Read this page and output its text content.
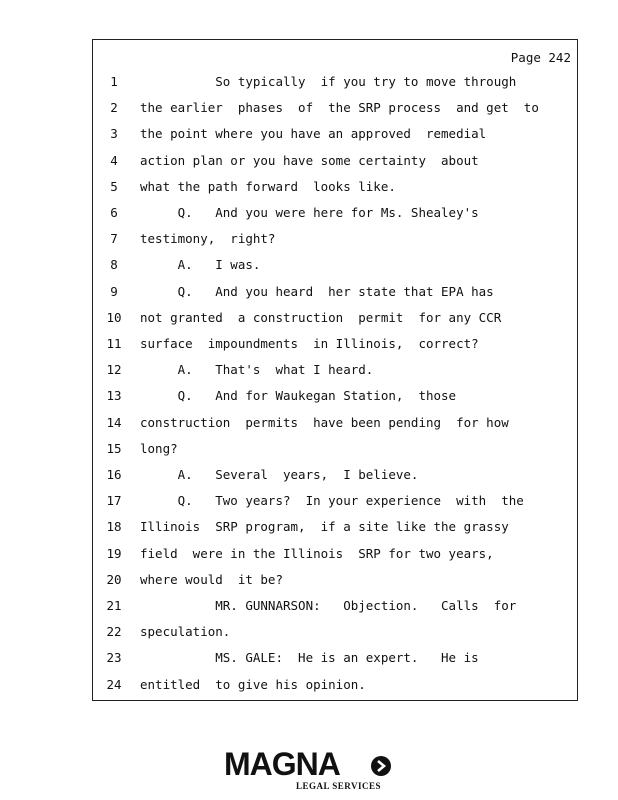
Page 242
1	So typically  if you try to move through
2	the earlier  phases  of  the SRP process  and get  to
3	the point where you have an approved  remedial
4	action plan or you have some certainty  about
5	what the path forward  looks like.
6	Q.   And you were here for Ms. Shealey's
7	testimony,  right?
8	A.   I was.
9	Q.   And you heard  her state that EPA has
10 not granted  a construction  permit  for any CCR
11 surface  impoundments  in Illinois,  correct?
12 A.   That's  what I heard.
13 Q.   And for Waukegan Station,  those
14 construction  permits  have been pending  for how
15 long?
16 A.   Several  years,  I believe.
17 Q.   Two years?  In your experience  with  the
18 Illinois  SRP program,  if a site like the grassy
19 field  were in the Illinois  SRP for two years,
20 where would  it be?
21 MR. GUNNARSON:   Objection.   Calls  for
22 speculation.
23 MS. GALE:  He is an expert.   He is
24 entitled  to give his opinion.
MAGNA
LEGAL SERVICES
